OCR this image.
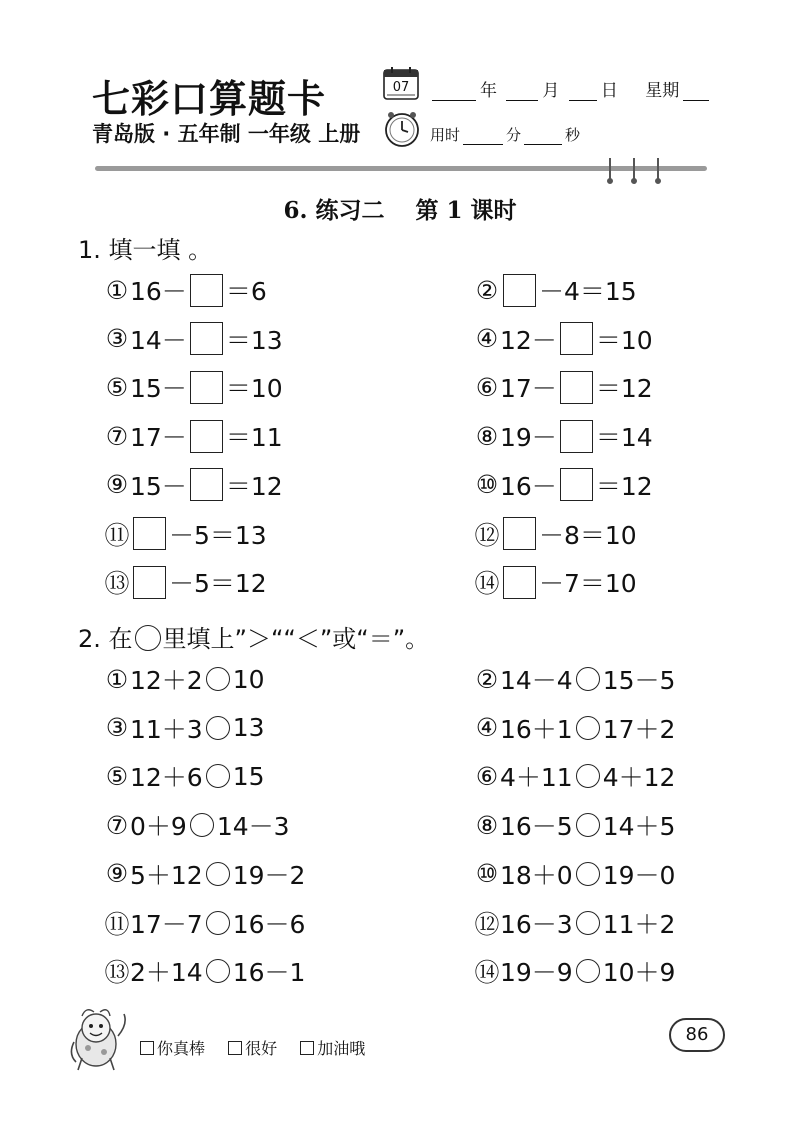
七彩口算题卡	07	年	月 日 星期
青岛版 · 五年制 一年级 上册	用时	分	秒
6. 练习二　 第 1 课时
1. 填一填 。
① 16－ ＝6	② －4＝15
③ 14－ ＝13	④ 12－ ＝10
⑤ 15－ ＝10	⑥ 17－ ＝12
⑦ 17－ ＝11	⑧ 19－ ＝14
⑨ 15－ ＝12	⑩ 16－ ＝12
⑪ －5＝13	⑫ －8＝10
⑬ －5＝12	⑭ －7＝10
2. 在 里填上”＞““＜”或“＝”。
① 12＋2 10	② 14－4 15－5
③ 11＋3 13	④ 16＋1 17＋2
⑤ 12＋6 15	⑥ 4＋11 4＋12
⑦ 0＋9 14－3	⑧ 16－5 14＋5
⑨ 5＋12 19－2	⑩ 18＋0 19－0
⑪ 17－7 16－6	⑫ 16－3 11＋2
⑬ 2＋14 16－1	⑭ 19－9 10＋9
你真棒	很好	加油哦
86
